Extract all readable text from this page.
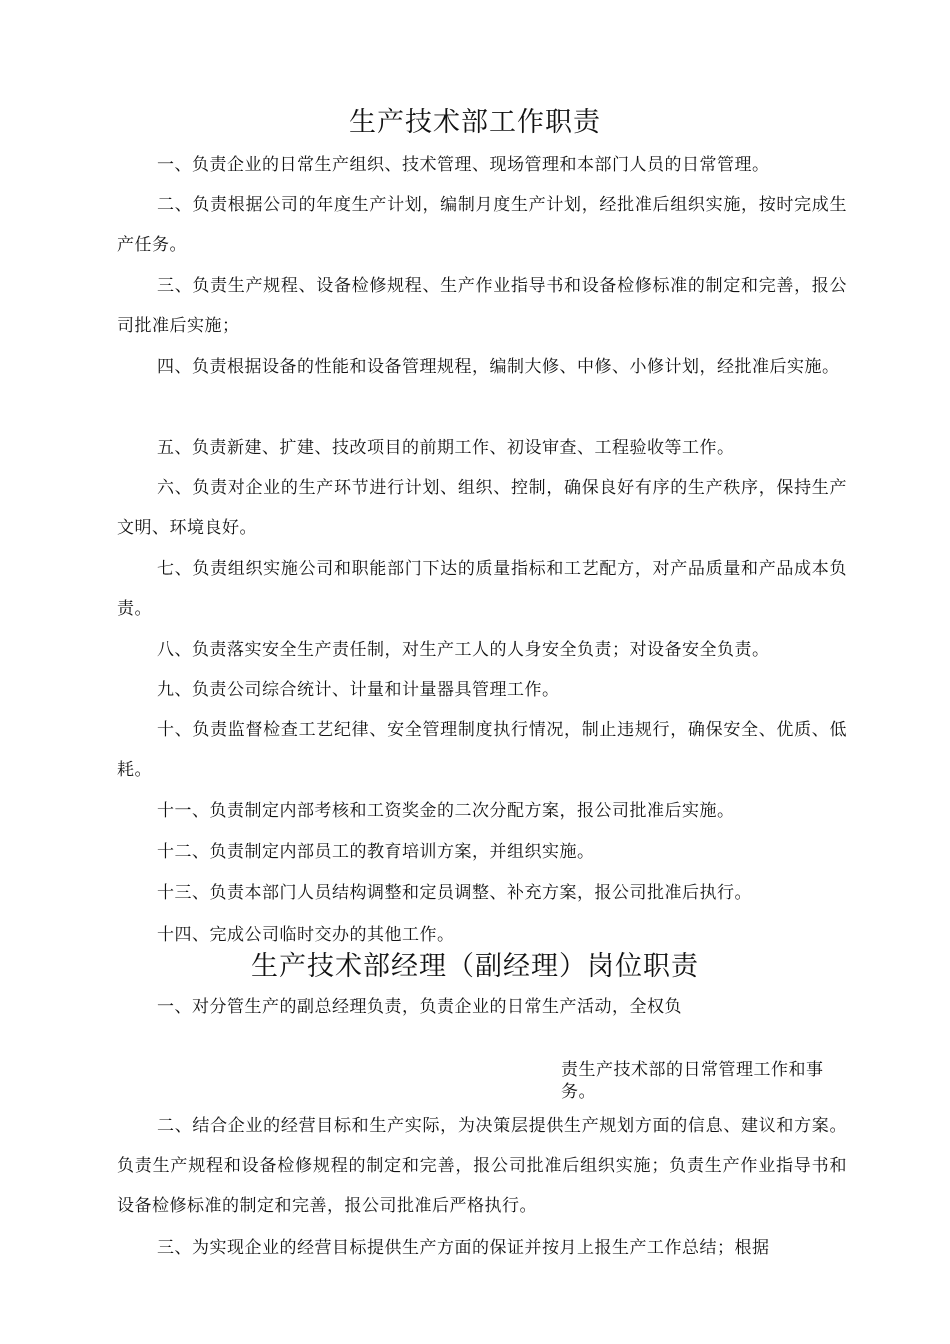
生产技术部工作职责
一、负责企业的日常生产组织、技术管理、现场管理和本部门人员的日常管理。
二、负责根据公司的年度生产计划，编制月度生产计划，经批准后组织实施，按时完成生产任务。
三、负责生产规程、设备检修规程、生产作业指导书和设备检修标准的制定和完善，报公司批准后实施；
四、负责根据设备的性能和设备管理规程，编制大修、中修、小修计划，经批准后实施。
五、负责新建、扩建、技改项目的前期工作、初设审查、工程验收等工作。
六、负责对企业的生产环节进行计划、组织、控制，确保良好有序的生产秩序，保持生产文明、环境良好。
七、负责组织实施公司和职能部门下达的质量指标和工艺配方，对产品质量和产品成本负责。
八、负责落实安全生产责任制，对生产工人的人身安全负责；对设备安全负责。
九、负责公司综合统计、计量和计量器具管理工作。
十、负责监督检查工艺纪律、安全管理制度执行情况，制止违规行，确保安全、优质、低耗。
十一、负责制定内部考核和工资奖金的二次分配方案，报公司批准后实施。
十二、负责制定内部员工的教育培训方案，并组织实施。
十三、负责本部门人员结构调整和定员调整、补充方案，报公司批准后执行。
十四、完成公司临时交办的其他工作。
生产技术部经理（副经理）岗位职责
一、对分管生产的副总经理负责，负责企业的日常生产活动，全权负
责生产技术部的日常管理工作和事务。
二、结合企业的经营目标和生产实际，为决策层提供生产规划方面的信息、建议和方案。负责生产规程和设备检修规程的制定和完善，报公司批准后组织实施；负责生产作业指导书和设备检修标准的制定和完善，报公司批准后严格执行。
三、为实现企业的经营目标提供生产方面的保证并按月上报生产工作总结；根据
